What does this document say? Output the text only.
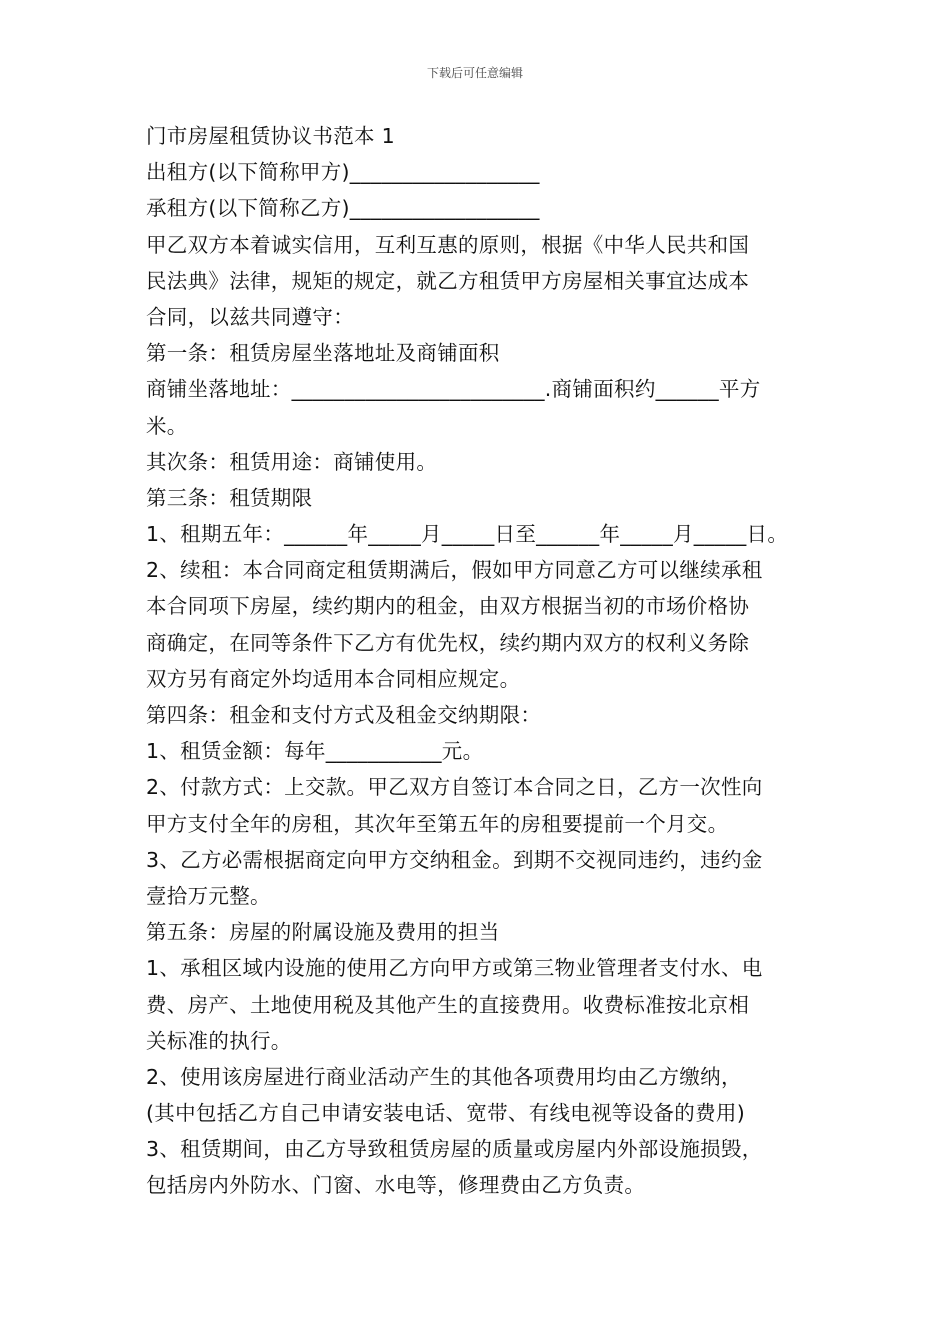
下载后可任意编辑
门市房屋租赁协议书范本 1
出租方(以下简称甲方)__________________
承租方(以下简称乙方)__________________
甲乙双方本着诚实信用，互利互惠的原则，根据《中华人民共和国
民法典》法律，规矩的规定，就乙方租赁甲方房屋相关事宜达成本
合同，以兹共同遵守：
第一条：租赁房屋坐落地址及商铺面积
商铺坐落地址：________________________.商铺面积约______平方
米。
其次条：租赁用途：商铺使用。
第三条：租赁期限
1、租期五年：______年_____月_____日至______年_____月_____日。
2、续租：本合同商定租赁期满后，假如甲方同意乙方可以继续承租
本合同项下房屋，续约期内的租金，由双方根据当初的市场价格协
商确定，在同等条件下乙方有优先权，续约期内双方的权利义务除
双方另有商定外均适用本合同相应规定。
第四条：租金和支付方式及租金交纳期限：
1、租赁金额：每年___________元。
2、付款方式：上交款。甲乙双方自签订本合同之日，乙方一次性向
甲方支付全年的房租，其次年至第五年的房租要提前一个月交。
3、乙方必需根据商定向甲方交纳租金。到期不交视同违约，违约金
壹拾万元整。
第五条：房屋的附属设施及费用的担当
1、承租区域内设施的使用乙方向甲方或第三物业管理者支付水、电
费、房产、土地使用税及其他产生的直接费用。收费标准按北京相
关标准的执行。
2、使用该房屋进行商业活动产生的其他各项费用均由乙方缴纳，
(其中包括乙方自己申请安装电话、宽带、有线电视等设备的费用)
3、租赁期间，由乙方导致租赁房屋的质量或房屋内外部设施损毁，
包括房内外防水、门窗、水电等，修理费由乙方负责。
